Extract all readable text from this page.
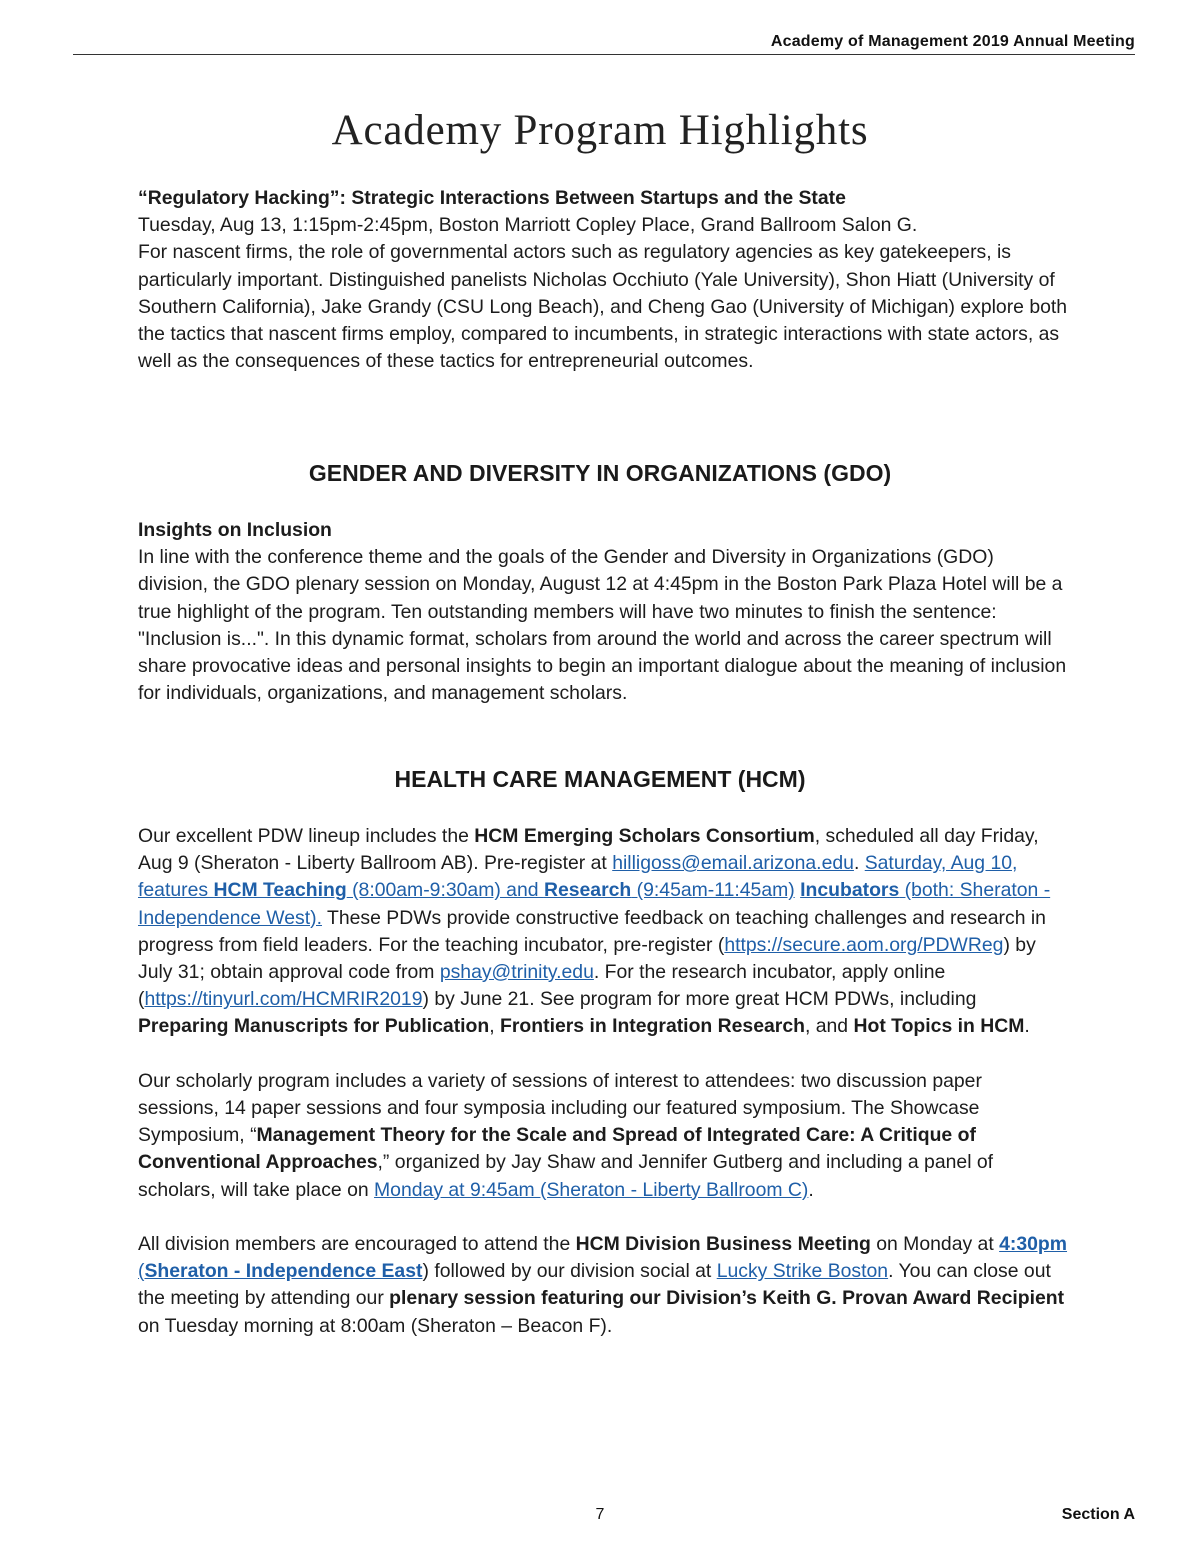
Academy of Management 2019 Annual Meeting
Academy Program Highlights

“Regulatory Hacking”: Strategic Interactions Between Startups and the State

Tuesday, Aug 13, 1:15pm-2:45pm, Boston Marriott Copley Place, Grand Ballroom Salon G.

For nascent firms, the role of governmental actors such as regulatory agencies as key gatekeepers, is particularly important. Distinguished panelists Nicholas Occhiuto (Yale University), Shon Hiatt (University of Southern California), Jake Grandy (CSU Long Beach), and Cheng Gao (University of Michigan) explore both the tactics that nascent firms employ, compared to incumbents, in strategic interactions with state actors, as well as the consequences of these tactics for entrepreneurial outcomes.

GENDER AND DIVERSITY IN ORGANIZATIONS (GDO)

Insights on Inclusion

In line with the conference theme and the goals of the Gender and Diversity in Organizations (GDO) division, the GDO plenary session on Monday, August 12 at 4:45pm in the Boston Park Plaza Hotel will be a true highlight of the program. Ten outstanding members will have two minutes to finish the sentence: "Inclusion is...". In this dynamic format, scholars from around the world and across the career spectrum will share provocative ideas and personal insights to begin an important dialogue about the meaning of inclusion for individuals, organizations, and management scholars.

HEALTH CARE MANAGEMENT (HCM)

Our excellent PDW lineup includes the HCM Emerging Scholars Consortium, scheduled all day Friday, Aug 9 (Sheraton - Liberty Ballroom AB). Pre-register at hilligoss@email.arizona.edu. Saturday, Aug 10, features HCM Teaching (8:00am-9:30am) and Research (9:45am-11:45am) Incubators (both: Sheraton - Independence West). These PDWs provide constructive feedback on teaching challenges and research in progress from field leaders. For the teaching incubator, pre-register (https://secure.aom.org/PDWReg) by July 31; obtain approval code from pshay@trinity.edu. For the research incubator, apply online (https://tinyurl.com/HCMRIR2019) by June 21. See program for more great HCM PDWs, including Preparing Manuscripts for Publication, Frontiers in Integration Research, and Hot Topics in HCM.

Our scholarly program includes a variety of sessions of interest to attendees: two discussion paper sessions, 14 paper sessions and four symposia including our featured symposium. The Showcase Symposium, “Management Theory for the Scale and Spread of Integrated Care: A Critique of Conventional Approaches,” organized by Jay Shaw and Jennifer Gutberg and including a panel of scholars, will take place on Monday at 9:45am (Sheraton - Liberty Ballroom C).

All division members are encouraged to attend the HCM Division Business Meeting on Monday at 4:30pm (Sheraton - Independence East) followed by our division social at Lucky Strike Boston. You can close out the meeting by attending our plenary session featuring our Division’s Keith G. Provan Award Recipient on Tuesday morning at 8:00am (Sheraton – Beacon F).

7	Section A
